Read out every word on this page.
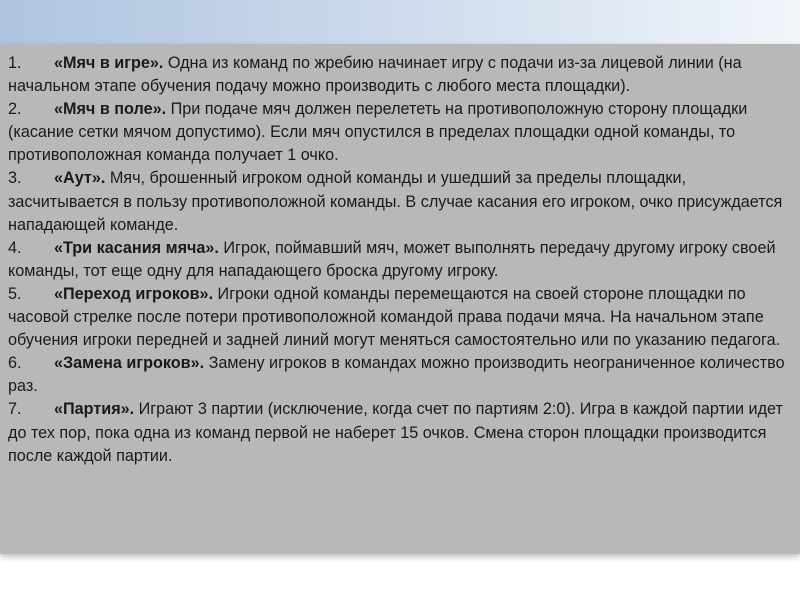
1. «Мяч в игре». Одна из команд по жребию начинает игру с подачи из-за лицевой линии (на начальном этапе обучения подачу можно производить с любого места площадки).

2. «Мяч в поле». При подаче мяч должен перелететь на противоположную сторону площадки (касание сетки мячом допустимо). Если мяч опустился в пределах площадки одной команды, то противоположная команда получает 1 очко.

3. «Аут». Мяч, брошенный игроком одной команды и ушедший за пределы площадки, засчитывается в пользу противоположной команды. В случае касания его игроком, очко присуждается нападающей команде.

4. «Три касания мяча». Игрок, поймавший мяч, может выполнять передачу другому игроку своей команды, тот еще одну для нападающего броска другому игроку.

5. «Переход игроков». Игроки одной команды перемещаются на своей стороне площадки по часовой стрелке после потери противоположной командой права подачи мяча. На начальном этапе обучения игроки передней и задней линий могут меняться самостоятельно или по указанию педагога.

6. «Замена игроков». Замену игроков в командах можно производить неограниченное количество раз.

7. «Партия». Играют 3 партии (исключение, когда счет по партиям 2:0). Игра в каждой партии идет до тех пор, пока одна из команд первой не наберет 15 очков. Смена сторон площадки производится после каждой партии.
